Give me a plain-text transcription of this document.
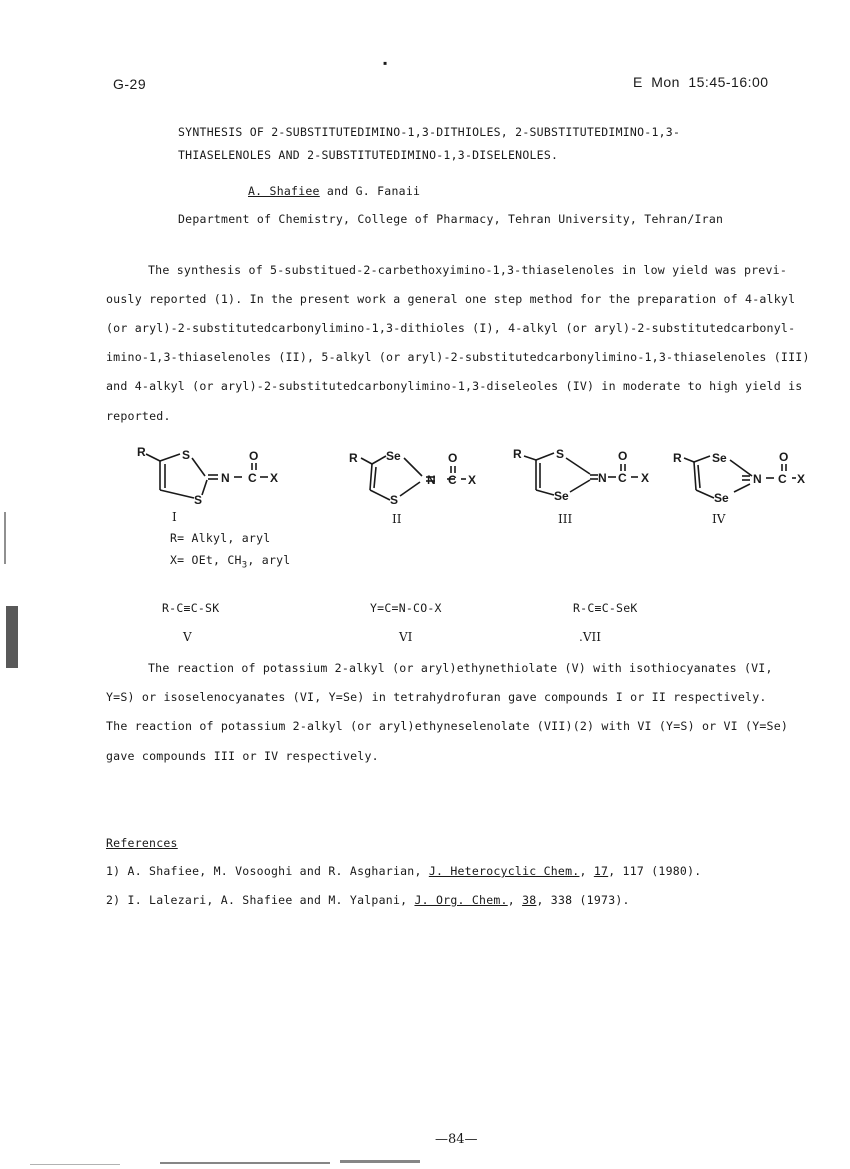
▪
G-29	E Mon 15:45-16:00
SYNTHESIS OF 2-SUBSTITUTEDIMINO-1,3-DITHIOLES, 2-SUBSTITUTEDIMINO-1,3-
THIASELENOLES AND 2-SUBSTITUTEDIMINO-1,3-DISELENOLES.
A. Shafiee and G. Fanaii
Department of Chemistry, College of Pharmacy, Tehran University, Tehran/Iran
The synthesis of 5-substitued-2-carbethoxyimino-1,3-thiaselenoles in low yield was previ-
ously reported (1). In the present work a general one step method for the preparation of 4-alkyl
(or aryl)-2-substitutedcarbonylimino-1,3-dithioles (I), 4-alkyl (or aryl)-2-substitutedcarbonyl-
imino-1,3-thiaselenoles (II), 5-alkyl (or aryl)-2-substitutedcarbonylimino-1,3-thiaselenoles (III)
and 4-alkyl (or aryl)-2-substitutedcarbonylimino-1,3-diseleoles (IV) in moderate to high yield is
reported.
R	S
S
N
O
C X
I
R Se
S
N
O
C X
II
R	S
Se
N
O
C X
III
R	Se
Se
N
O
C X
IV
R= Alkyl, aryl
X= OEt, $CH_3$, aryl
R-C≡C-SK
V
Y=C=N-CO-X
VI
R-C≡C-SeK
.VII
The reaction of potassium 2-alkyl (or aryl)ethynethiolate (V) with isothiocyanates (VI,
Y=S) or isoselenocyanates (VI, Y=Se) in tetrahydrofuran gave compounds I or II respectively.
The reaction of potassium 2-alkyl (or aryl)ethyneselenolate (VII)(2) with VI (Y=S) or VI (Y=Se)
gave compounds III or IV respectively.
References
1) A. Shafiee, M. Vosooghi and R. Asgharian, J. Heterocyclic Chem., 17, 117 (1980).
2) I. Lalezari, A. Shafiee and M. Yalpani, J. Org. Chem., 38, 338 (1973).
—84—
